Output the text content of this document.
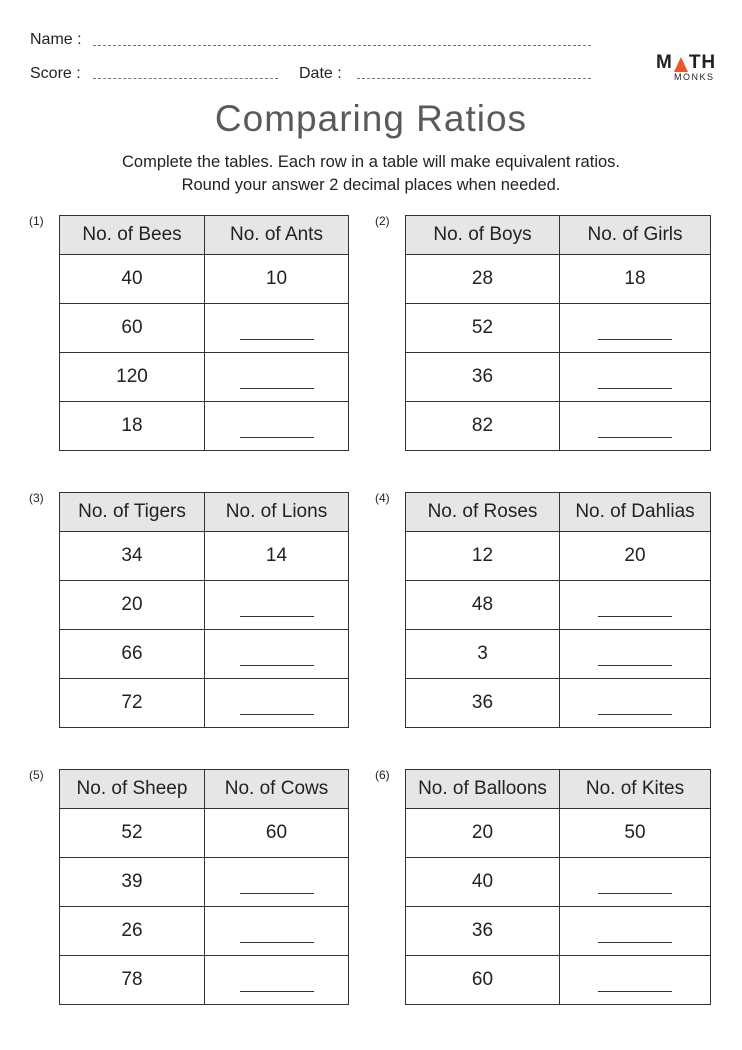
Name :
Score :	Date :
M TH
MONKS
Comparing Ratios
Complete the tables. Each row in a table will make equivalent ratios.
Round your answer 2 decimal places when needed.
(1)	(2)
(3)	(4)
(5)	(6)
No. of Bees	No. of Ants
40	10
60	
120	
18	
No. of Boys	No. of Girls
28	18
52	
36	
82	
No. of Tigers	No. of Lions
34	14
20	
66	
72	
No. of Roses	No. of Dahlias
12	20
48	
3	
36	
No. of Sheep	No. of Cows
52	60
39	
26	
78	
No. of Balloons	No. of Kites
20	50
40	
36	
60	
